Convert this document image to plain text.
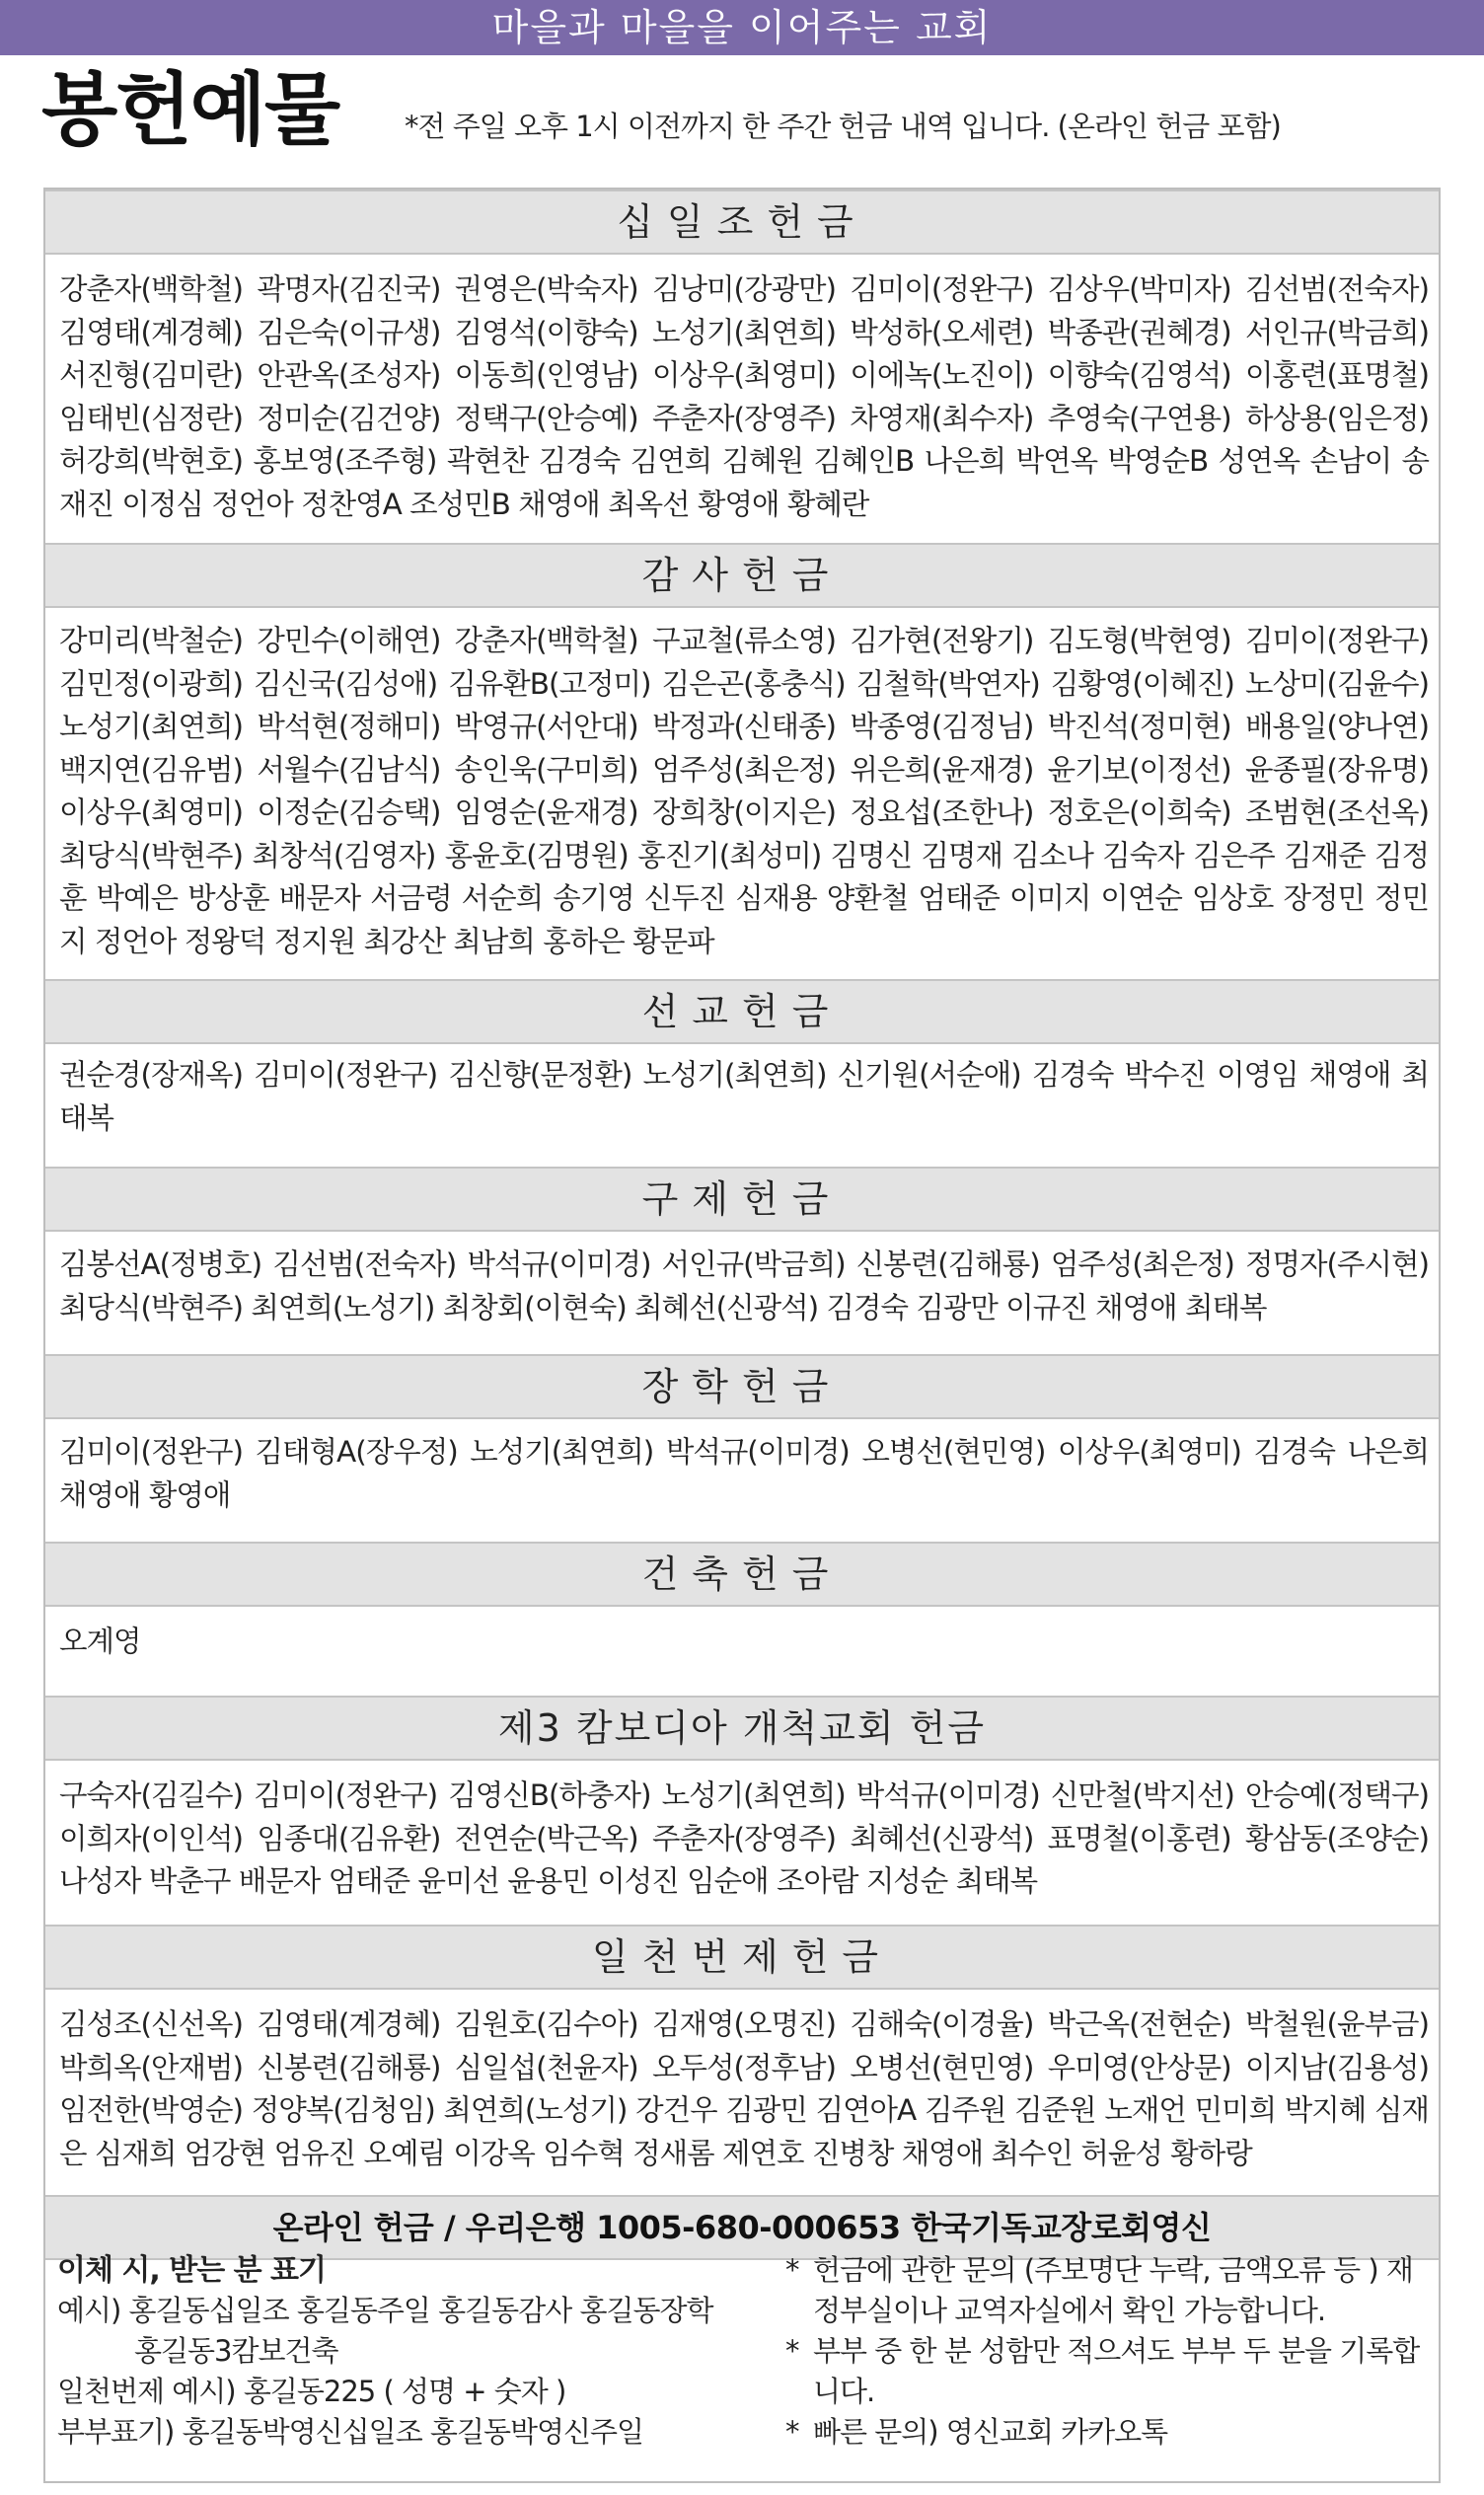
마을과 마을을 이어주는 교회
봉헌예물 *전 주일 오후 1시 이전까지 한 주간 헌금 내역 입니다. (온라인 헌금 포함)
십일조헌금
강춘자(백학철) 곽명자(김진국) 권영은(박숙자) 김낭미(강광만) 김미이(정완구) 김상우(박미자) 김선범(전숙자) 김영태(계경혜) 김은숙(이규생) 김영석(이향숙) 노성기(최연희) 박성하(오세련) 박종관(권혜경) 서인규(박금희) 서진형(김미란) 안관옥(조성자) 이동희(인영남) 이상우(최영미) 이에녹(노진이) 이향숙(김영석) 이홍련(표명철) 임태빈(심정란) 정미순(김건양) 정택구(안승예) 주춘자(장영주) 차영재(최수자) 추영숙(구연용) 하상용(임은정) 허강희(박현호) 홍보영(조주형) 곽현찬 김경숙 김연희 김혜원 김혜인B 나은희 박연옥 박영순B 성연옥 손남이 송재진 이정심 정언아 정찬영A 조성민B 채영애 최옥선 황영애 황혜란
감사헌금
강미리(박철순) 강민수(이해연) 강춘자(백학철) 구교철(류소영) 김가현(전왕기) 김도형(박현영) 김미이(정완구) 김민정(이광희) 김신국(김성애) 김유환B(고정미) 김은곤(홍충식) 김철학(박연자) 김황영(이혜진) 노상미(김윤수) 노성기(최연희) 박석현(정해미) 박영규(서안대) 박정과(신태종) 박종영(김정님) 박진석(정미현) 배용일(양나연) 백지연(김유범) 서월수(김남식) 송인욱(구미희) 엄주성(최은정) 위은희(윤재경) 윤기보(이정선) 윤종필(장유명) 이상우(최영미) 이정순(김승택) 임영순(윤재경) 장희창(이지은) 정요섭(조한나) 정호은(이희숙) 조범현(조선옥) 최당식(박현주) 최창석(김영자) 홍윤호(김명원) 홍진기(최성미) 김명신 김명재 김소나 김숙자 김은주 김재준 김정훈 박예은 방상훈 배문자 서금령 서순희 송기영 신두진 심재용 양환철 엄태준 이미지 이연순 임상호 장정민 정민지 정언아 정왕덕 정지원 최강산 최남희 홍하은 황문파
선교헌금
권순경(장재옥) 김미이(정완구) 김신향(문정환) 노성기(최연희) 신기원(서순애) 김경숙 박수진 이영임 채영애 최태복
구제헌금
김봉선A(정병호) 김선범(전숙자) 박석규(이미경) 서인규(박금희) 신봉련(김해룡) 엄주성(최은정) 정명자(주시현) 최당식(박현주) 최연희(노성기) 최창회(이현숙) 최혜선(신광석) 김경숙 김광만 이규진 채영애 최태복
장학헌금
김미이(정완구) 김태형A(장우정) 노성기(최연희) 박석규(이미경) 오병선(현민영) 이상우(최영미) 김경숙 나은희 채영애 황영애
건축헌금
오계영
제3 캄보디아 개척교회 헌금
구숙자(김길수) 김미이(정완구) 김영신B(하충자) 노성기(최연희) 박석규(이미경) 신만철(박지선) 안승예(정택구) 이희자(이인석) 임종대(김유환) 전연순(박근옥) 주춘자(장영주) 최혜선(신광석) 표명철(이홍련) 황삼동(조양순) 나성자 박춘구 배문자 엄태준 윤미선 윤용민 이성진 임순애 조아람 지성순 최태복
일천번제헌금
김성조(신선옥) 김영태(계경혜) 김원호(김수아) 김재영(오명진) 김해숙(이경율) 박근옥(전현순) 박철원(윤부금) 박희옥(안재범) 신봉련(김해룡) 심일섭(천윤자) 오두성(정후남) 오병선(현민영) 우미영(안상문) 이지남(김용성) 임전한(박영순) 정양복(김청임) 최연희(노성기) 강건우 김광민 김연아A 김주원 김준원 노재언 민미희 박지혜 심재은 심재희 엄강현 엄유진 오예림 이강옥 임수혁 정새롬 제연호 진병창 채영애 최수인 허윤성 황하랑
온라인 헌금 / 우리은행 1005-680-000653 한국기독교장로회영신
이체 시, 받는 분 표기
예시) 홍길동십일조 홍길동주일 홍길동감사 홍길동장학
홍길동3캄보건축
일천번제 예시) 홍길동225 ( 성명 + 숫자 )
부부표기) 홍길동박영신십일조 홍길동박영신주일
* 헌금에 관한 문의 (주보명단 누락, 금액오류 등 ) 재정부실이나 교역자실에서 확인 가능합니다.
* 부부 중 한 분 성함만 적으셔도 부부 두 분을 기록합니다.
* 빠른 문의) 영신교회 카카오톡
